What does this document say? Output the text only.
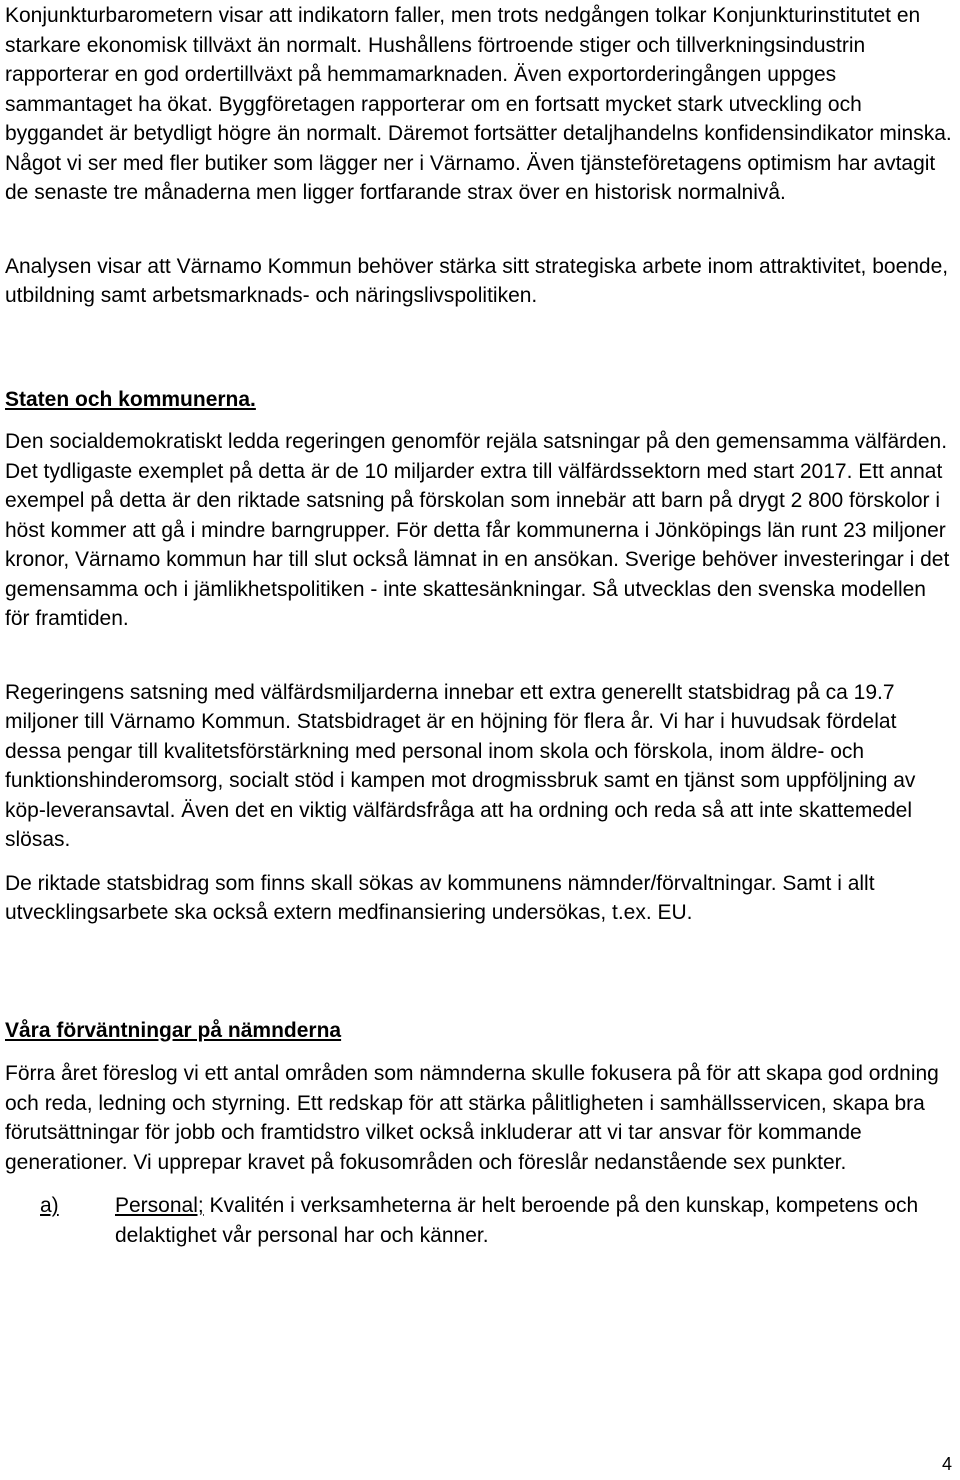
Konjunkturbarometern visar att indikatorn faller, men trots nedgången tolkar Konjunkturinstitutet en starkare ekonomisk tillväxt än normalt. Hushållens förtroende stiger och tillverkningsindustrin rapporterar en god ordertillväxt på hemmamarknaden. Även exportorderingången uppges sammantaget ha ökat. Byggföretagen rapporterar om en fortsatt mycket stark utveckling och byggandet är betydligt högre än normalt. Däremot fortsätter detaljhandelns konfidensindikator minska. Något vi ser med fler butiker som lägger ner i Värnamo. Även tjänsteföretagens optimism har avtagit de senaste tre månaderna men ligger fortfarande strax över en historisk normalnivå.

Analysen visar att Värnamo Kommun behöver stärka sitt strategiska arbete inom attraktivitet, boende, utbildning samt arbetsmarknads- och näringslivspolitiken.

Staten och kommunerna.

Den socialdemokratiskt ledda regeringen genomför rejäla satsningar på den gemensamma välfärden. Det tydligaste exemplet på detta är de 10 miljarder extra till välfärdssektorn med start 2017. Ett annat exempel på detta är den riktade satsning på förskolan som innebär att barn på drygt 2 800 förskolor i höst kommer att gå i mindre barngrupper. För detta får kommunerna i Jönköpings län runt 23 miljoner kronor, Värnamo kommun har till slut också lämnat in en ansökan. Sverige behöver investeringar i det gemensamma och i jämlikhetspolitiken - inte skattesänkningar. Så utvecklas den svenska modellen för framtiden.

Regeringens satsning med välfärdsmiljarderna innebar ett extra generellt statsbidrag på ca 19.7 miljoner till Värnamo Kommun. Statsbidraget är en höjning för flera år. Vi har i huvudsak fördelat dessa pengar till kvalitetsförstärkning med personal inom skola och förskola, inom äldre- och funktionshinderomsorg, socialt stöd i kampen mot drogmissbruk samt en tjänst som uppföljning av köp-leveransavtal. Även det en viktig välfärdsfråga att ha ordning och reda så att inte skattemedel slösas.

De riktade statsbidrag som finns skall sökas av kommunens nämnder/förvaltningar. Samt i allt utvecklingsarbete ska också extern medfinansiering undersökas, t.ex. EU.

Våra förväntningar på nämnderna

Förra året föreslog vi ett antal områden som nämnderna skulle fokusera på för att skapa god ordning och reda, ledning och styrning. Ett redskap för att stärka pålitligheten i samhällsservicen, skapa bra förutsättningar för jobb och framtidstro vilket också inkluderar att vi tar ansvar för kommande generationer. Vi upprepar kravet på fokusområden och föreslår nedanstående sex punkter.

a)	Personal; Kvalitén i verksamheterna är helt beroende på den kunskap, kompetens och delaktighet vår personal har och känner.
4
